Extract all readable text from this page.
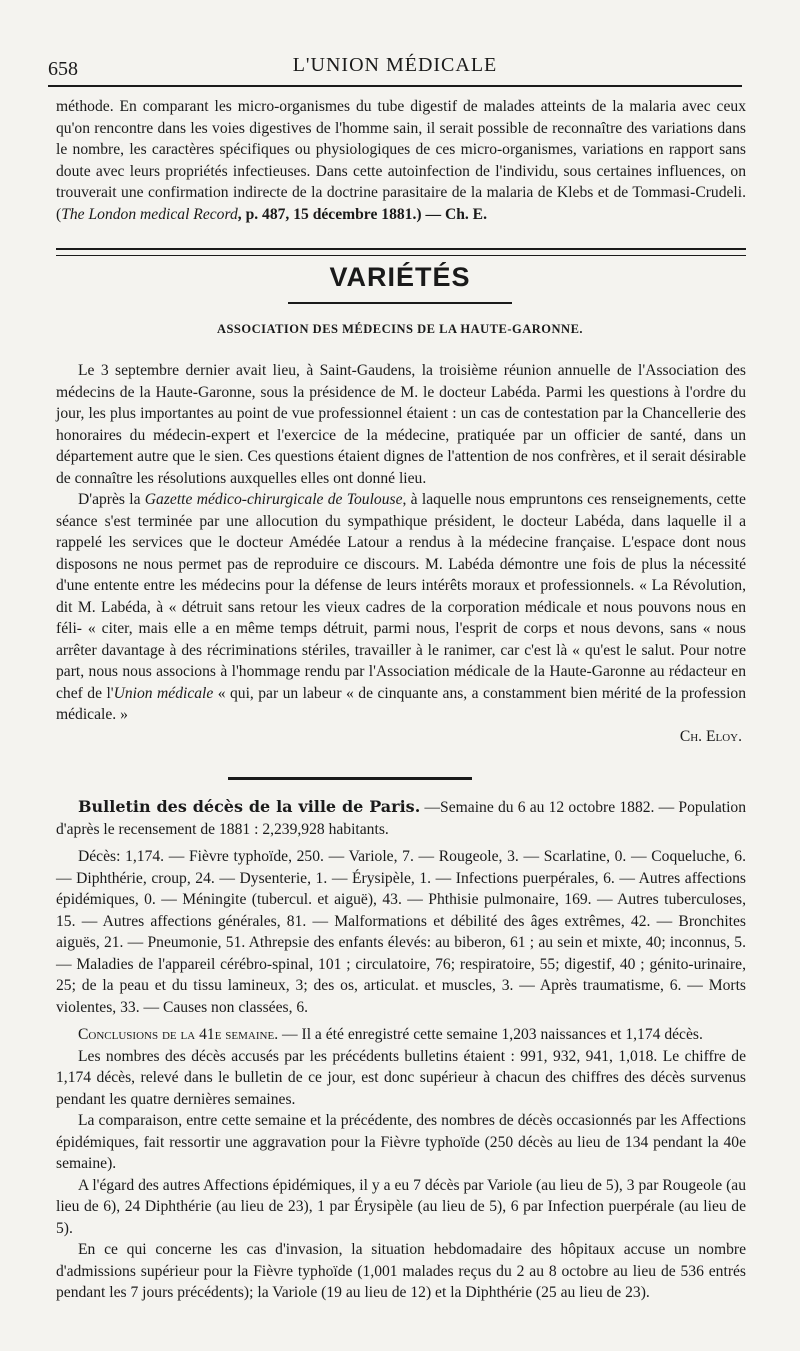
658	L'UNION MÉDICALE

méthode. En comparant les micro-organismes du tube digestif de malades atteints de la malaria avec ceux qu'on rencontre dans les voies digestives de l'homme sain, il serait possible de reconnaître des variations dans le nombre, les caractères spécifiques ou physiologiques de ces micro-organismes, variations en rapport sans doute avec leurs propriétés infectieuses. Dans cette autoinfection de l'individu, sous certaines influences, on trouverait une confirmation indirecte de la doctrine parasitaire de la malaria de Klebs et de Tommasi-Crudeli. (The London medical Record, p. 487, 15 décembre 1881.) — Ch. E.

VARIÉTÉS
ASSOCIATION DES MÉDECINS DE LA HAUTE-GARONNE.

Le 3 septembre dernier avait lieu, à Saint-Gaudens, la troisième réunion annuelle de l'Association des médecins de la Haute-Garonne, sous la présidence de M. le docteur Labéda. Parmi les questions à l'ordre du jour, les plus importantes au point de vue professionnel étaient : un cas de contestation par la Chancellerie des honoraires du médecin-expert et l'exercice de la médecine, pratiquée par un officier de santé, dans un département autre que le sien. Ces questions étaient dignes de l'attention de nos confrères, et il serait désirable de connaître les résolutions auxquelles elles ont donné lieu.

D'après la Gazette médico-chirurgicale de Toulouse, à laquelle nous empruntons ces renseignements, cette séance s'est terminée par une allocution du sympathique président, le docteur Labéda, dans laquelle il a rappelé les services que le docteur Amédée Latour a rendus à la médecine française. L'espace dont nous disposons ne nous permet pas de reproduire ce discours. M. Labéda démontre une fois de plus la nécessité d'une entente entre les médecins pour la défense de leurs intérêts moraux et professionnels. « La Révolution, dit M. Labéda, à « détruit sans retour les vieux cadres de la corporation médicale et nous pouvons nous en féli- « citer, mais elle a en même temps détruit, parmi nous, l'esprit de corps et nous devons, sans « nous arrêter davantage à des récriminations stériles, travailler à le ranimer, car c'est là « qu'est le salut. Pour notre part, nous nous associons à l'hommage rendu par l'Association médicale de la Haute-Garonne au rédacteur en chef de l'Union médicale « qui, par un labeur « de cinquante ans, a constamment bien mérité de la profession médicale. »

Ch. Eloy.

Bulletin des décès de la ville de Paris. —Semaine du 6 au 12 octobre 1882. — Population d'après le recensement de 1881 : 2,239,928 habitants.

Décès: 1,174. — Fièvre typhoïde, 250. — Variole, 7. — Rougeole, 3. — Scarlatine, 0. — Coqueluche, 6. — Diphthérie, croup, 24. — Dysenterie, 1. — Érysipèle, 1. — Infections puerpérales, 6. — Autres affections épidémiques, 0. — Méningite (tubercul. et aiguë), 43. — Phthisie pulmonaire, 169. — Autres tuberculoses, 15. — Autres affections générales, 81. — Malformations et débilité des âges extrêmes, 42. — Bronchites aiguës, 21. — Pneumonie, 51. Athrepsie des enfants élevés: au biberon, 61 ; au sein et mixte, 40; inconnus, 5. — Maladies de l'appareil cérébro-spinal, 101 ; circulatoire, 76; respiratoire, 55; digestif, 40 ; génito-urinaire, 25; de la peau et du tissu lamineux, 3; des os, articulat. et muscles, 3. — Après traumatisme, 6. — Morts violentes, 33. — Causes non classées, 6.

Conclusions de la 41e semaine. — Il a été enregistré cette semaine 1,203 naissances et 1,174 décès.

Les nombres des décès accusés par les précédents bulletins étaient : 991, 932, 941, 1,018. Le chiffre de 1,174 décès, relevé dans le bulletin de ce jour, est donc supérieur à chacun des chiffres des décès survenus pendant les quatre dernières semaines.

La comparaison, entre cette semaine et la précédente, des nombres de décès occasionnés par les Affections épidémiques, fait ressortir une aggravation pour la Fièvre typhoïde (250 décès au lieu de 134 pendant la 40e semaine).

A l'égard des autres Affections épidémiques, il y a eu 7 décès par Variole (au lieu de 5), 3 par Rougeole (au lieu de 6), 24 Diphthérie (au lieu de 23), 1 par Érysipèle (au lieu de 5), 6 par Infection puerpérale (au lieu de 5).

En ce qui concerne les cas d'invasion, la situation hebdomadaire des hôpitaux accuse un nombre d'admissions supérieur pour la Fièvre typhoïde (1,001 malades reçus du 2 au 8 octobre au lieu de 536 entrés pendant les 7 jours précédents); la Variole (19 au lieu de 12) et la Diphthérie (25 au lieu de 23).
